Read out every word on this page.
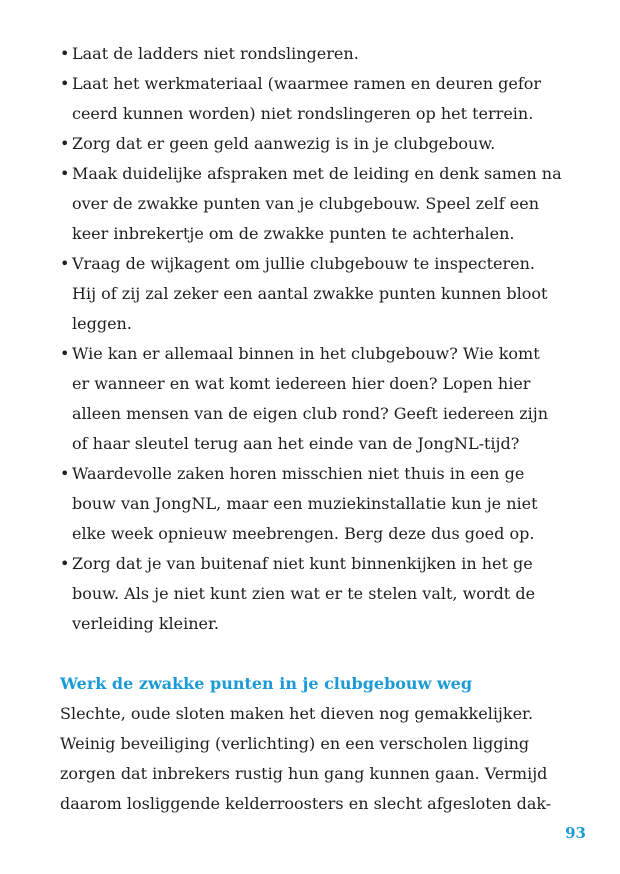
• Laat de ladders niet rondslingeren.
• Laat het werkmateriaal (waarmee ramen en deuren gefor
ceerd kunnen worden) niet rondslingeren op het terrein.
• Zorg dat er geen geld aanwezig is in je clubgebouw.
• Maak duidelijke afspraken met de leiding en denk samen na
over de zwakke punten van je clubgebouw. Speel zelf een
keer inbrekertje om de zwakke punten te achterhalen.
• Vraag de wijkagent om jullie clubgebouw te inspecteren.
Hij of zij zal zeker een aantal zwakke punten kunnen bloot
leggen.
• Wie kan er allemaal binnen in het clubgebouw? Wie komt
er wanneer en wat komt iedereen hier doen? Lopen hier
alleen mensen van de eigen club rond? Geeft iedereen zijn
of haar sleutel terug aan het einde van de JongNL-tijd?
• Waardevolle zaken horen misschien niet thuis in een ge
bouw van JongNL, maar een muziekinstallatie kun je niet
elke week opnieuw meebrengen. Berg deze dus goed op.
• Zorg dat je van buitenaf niet kunt binnenkijken in het ge
bouw. Als je niet kunt zien wat er te stelen valt, wordt de
verleiding kleiner.
Werk de zwakke punten in je clubgebouw weg
Slechte, oude sloten maken het dieven nog gemakkelijker.
Weinig beveiliging (verlichting) en een verscholen ligging
zorgen dat inbrekers rustig hun gang kunnen gaan. Vermijd
daarom losliggende kelderroosters en slecht afgesloten dak-
93
